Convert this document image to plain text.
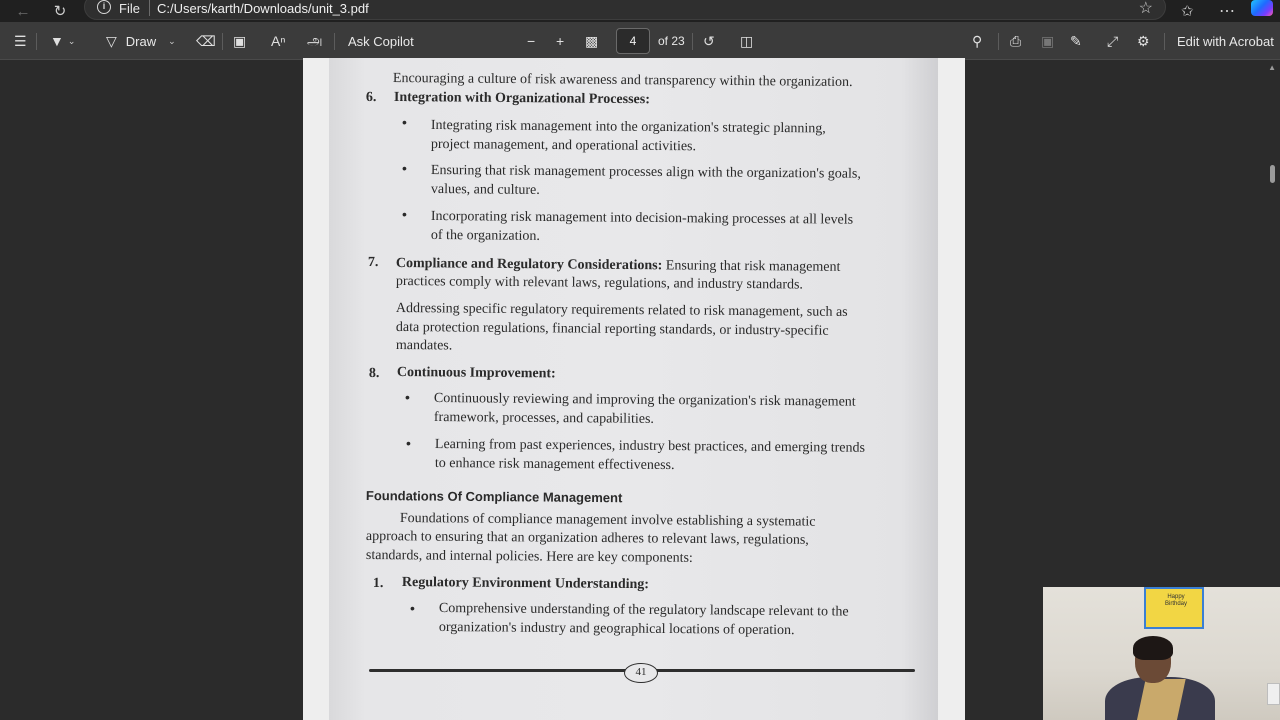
←	↻	i	File C:/Users/karth/Downloads/unit_3.pdf	☆ ✩ ⋯
☰ ▼ ⌄ ▽ Draw ⌄ ⌫ ▣ Aⁿ அ Ask Copilot	− + ▩	4	of 23 ↺ ◫	⚲ ⎙ ▣ ✎ ⤢ ⚙ Edit with Acrobat
▲
Encouraging a culture of risk awareness and transparency within the organization.
6. Integration with Organizational Processes:
• Integrating risk management into the organization's strategic planning,
project management, and operational activities.
• Ensuring that risk management processes align with the organization's goals,
values, and culture.
• Incorporating risk management into decision-making processes at all levels
of the organization.
7. Compliance and Regulatory Considerations: Ensuring that risk management
practices comply with relevant laws, regulations, and industry standards.
Addressing specific regulatory requirements related to risk management, such as
data protection regulations, financial reporting standards, or industry-specific
mandates.
8. Continuous Improvement:
• Continuously reviewing and improving the organization's risk management
framework, processes, and capabilities.
• Learning from past experiences, industry best practices, and emerging trends
to enhance risk management effectiveness.
Foundations Of Compliance Management
Foundations of compliance management involve establishing a systematic
approach to ensuring that an organization adheres to relevant laws, regulations,
standards, and internal policies. Here are key components:
1. Regulatory Environment Understanding:
• Comprehensive understanding of the regulatory landscape relevant to the
organization's industry and geographical locations of operation.
41
Happy Birthday
